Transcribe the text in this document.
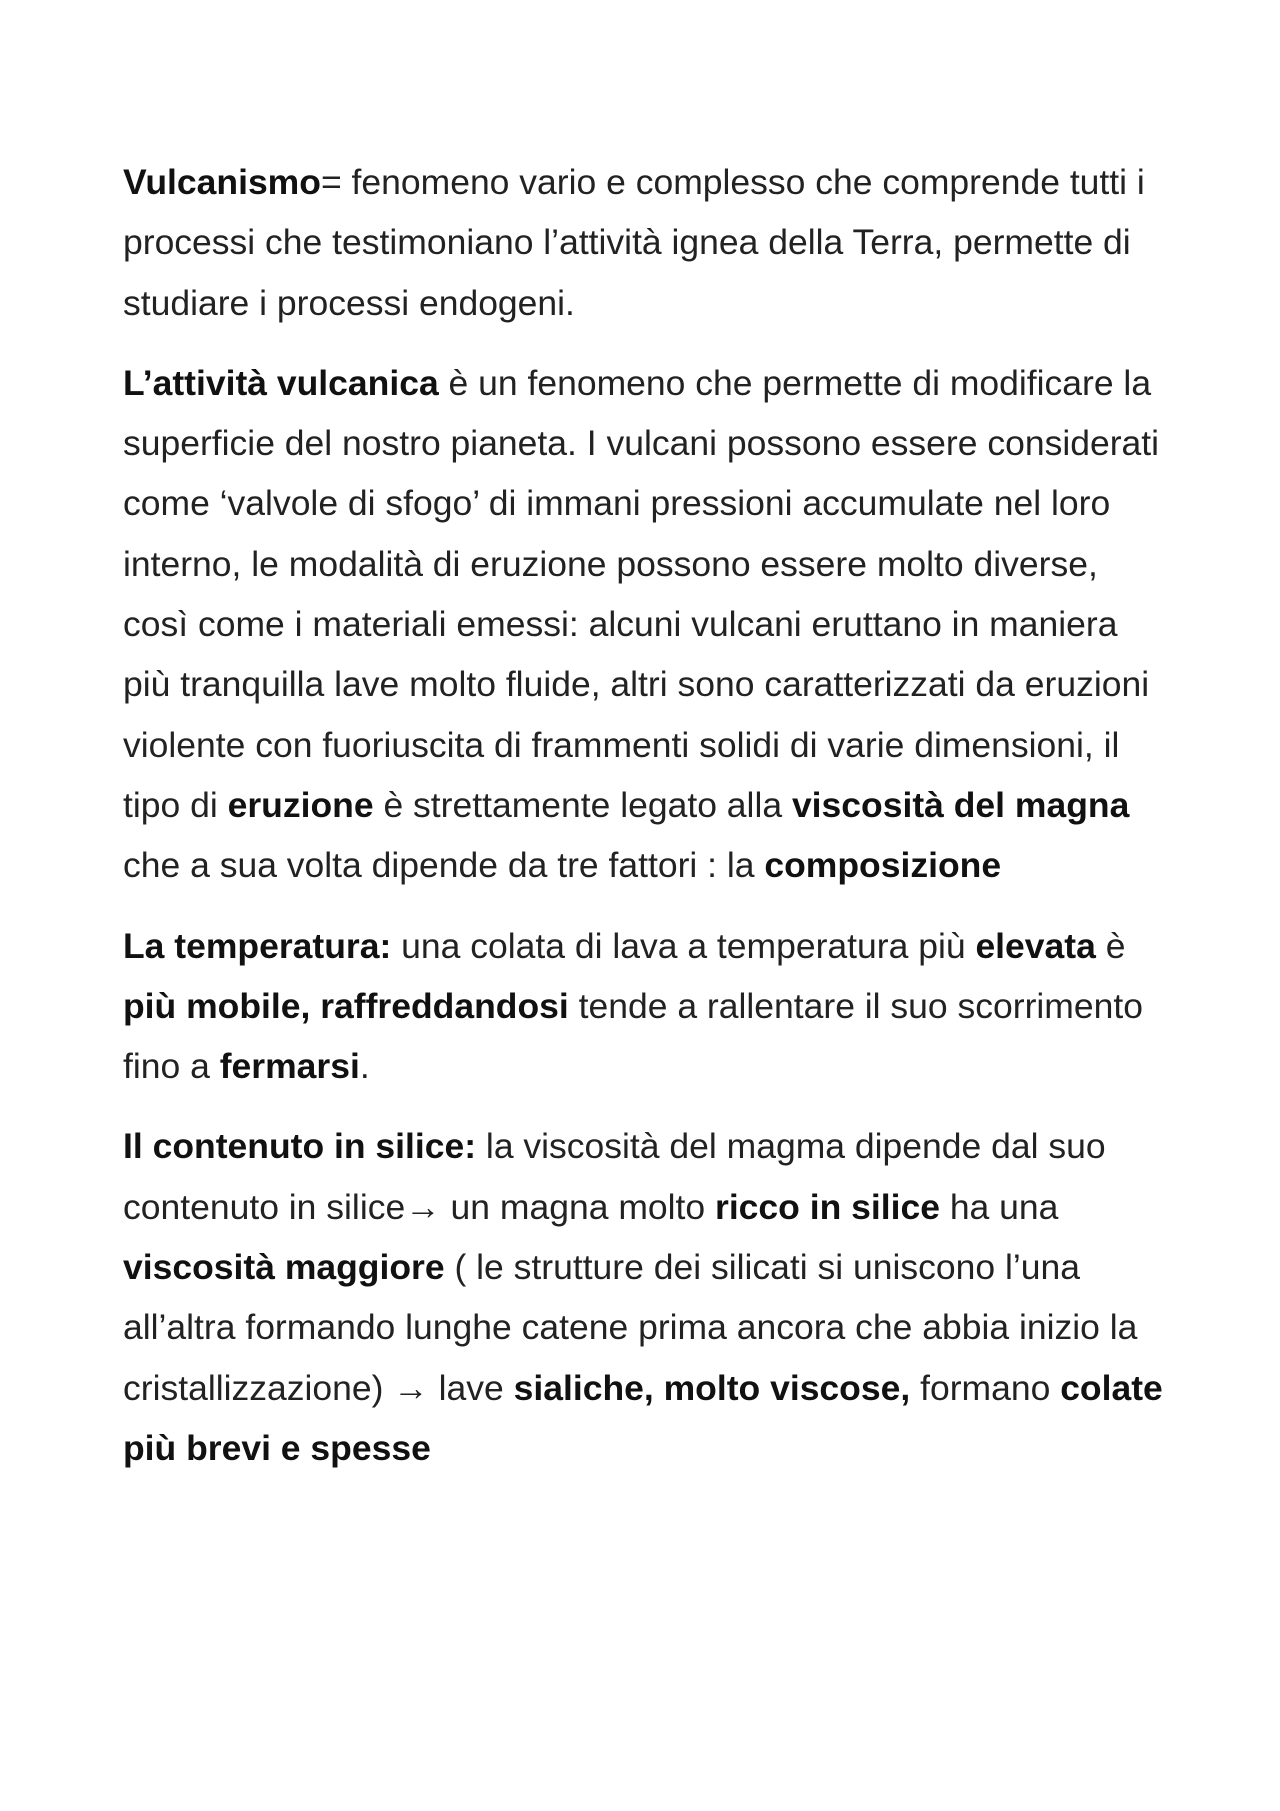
Vulcanismo= fenomeno vario e complesso che comprende tutti i processi che testimoniano l’attività ignea della Terra, permette di studiare i processi endogeni.

L’attività vulcanica è un fenomeno che permette di modificare la superficie del nostro pianeta. I vulcani possono essere considerati come ‘valvole di sfogo’ di immani pressioni accumulate nel loro interno, le modalità di eruzione possono essere molto diverse, così come i materiali emessi: alcuni vulcani eruttano in maniera più tranquilla lave molto fluide, altri sono caratterizzati da eruzioni violente con fuoriuscita di frammenti solidi di varie dimensioni, il tipo di eruzione è strettamente legato alla viscosità del magna che a sua volta dipende da tre fattori : la composizione

La temperatura: una colata di lava a temperatura più elevata è più mobile, raffreddandosi tende a rallentare il suo scorrimento fino a fermarsi.

Il contenuto in silice: la viscosità del magma dipende dal suo contenuto in silice→ un magna molto ricco in silice ha una viscosità maggiore ( le strutture dei silicati si uniscono l’una all’altra formando lunghe catene prima ancora che abbia inizio la cristallizzazione) → lave sialiche, molto viscose, formano colate più brevi e spesse
